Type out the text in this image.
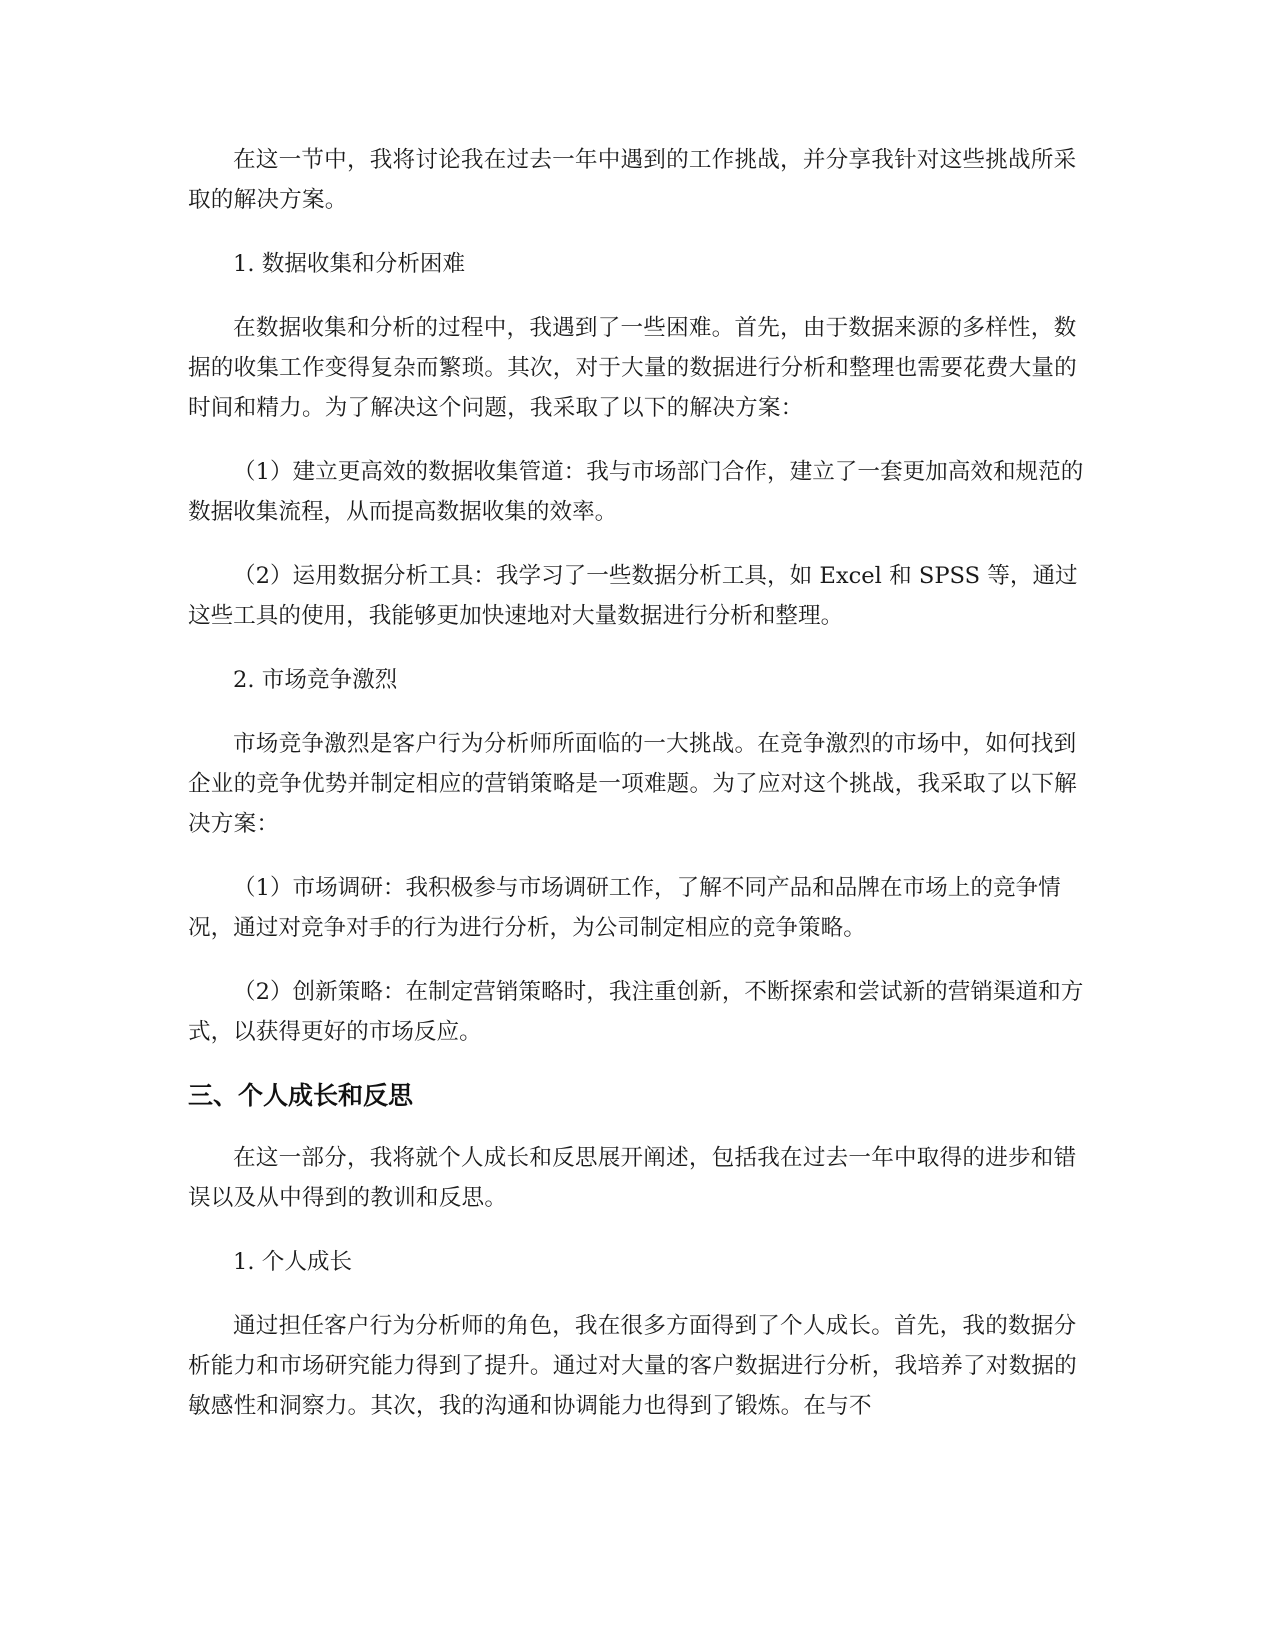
在这一节中，我将讨论我在过去一年中遇到的工作挑战，并分享我针对这些挑战所采取的解决方案。

1. 数据收集和分析困难

在数据收集和分析的过程中，我遇到了一些困难。首先，由于数据来源的多样性，数据的收集工作变得复杂而繁琐。其次，对于大量的数据进行分析和整理也需要花费大量的时间和精力。为了解决这个问题，我采取了以下的解决方案：

（1）建立更高效的数据收集管道：我与市场部门合作，建立了一套更加高效和规范的数据收集流程，从而提高数据收集的效率。

（2）运用数据分析工具：我学习了一些数据分析工具，如 Excel 和 SPSS 等，通过这些工具的使用，我能够更加快速地对大量数据进行分析和整理。

2. 市场竞争激烈

市场竞争激烈是客户行为分析师所面临的一大挑战。在竞争激烈的市场中，如何找到企业的竞争优势并制定相应的营销策略是一项难题。为了应对这个挑战，我采取了以下解决方案：

（1）市场调研：我积极参与市场调研工作，了解不同产品和品牌在市场上的竞争情况，通过对竞争对手的行为进行分析，为公司制定相应的竞争策略。

（2）创新策略：在制定营销策略时，我注重创新，不断探索和尝试新的营销渠道和方式，以获得更好的市场反应。

三、个人成长和反思

在这一部分，我将就个人成长和反思展开阐述，包括我在过去一年中取得的进步和错误以及从中得到的教训和反思。

1. 个人成长

通过担任客户行为分析师的角色，我在很多方面得到了个人成长。首先，我的数据分析能力和市场研究能力得到了提升。通过对大量的客户数据进行分析，我培养了对数据的敏感性和洞察力。其次，我的沟通和协调能力也得到了锻炼。在与不
